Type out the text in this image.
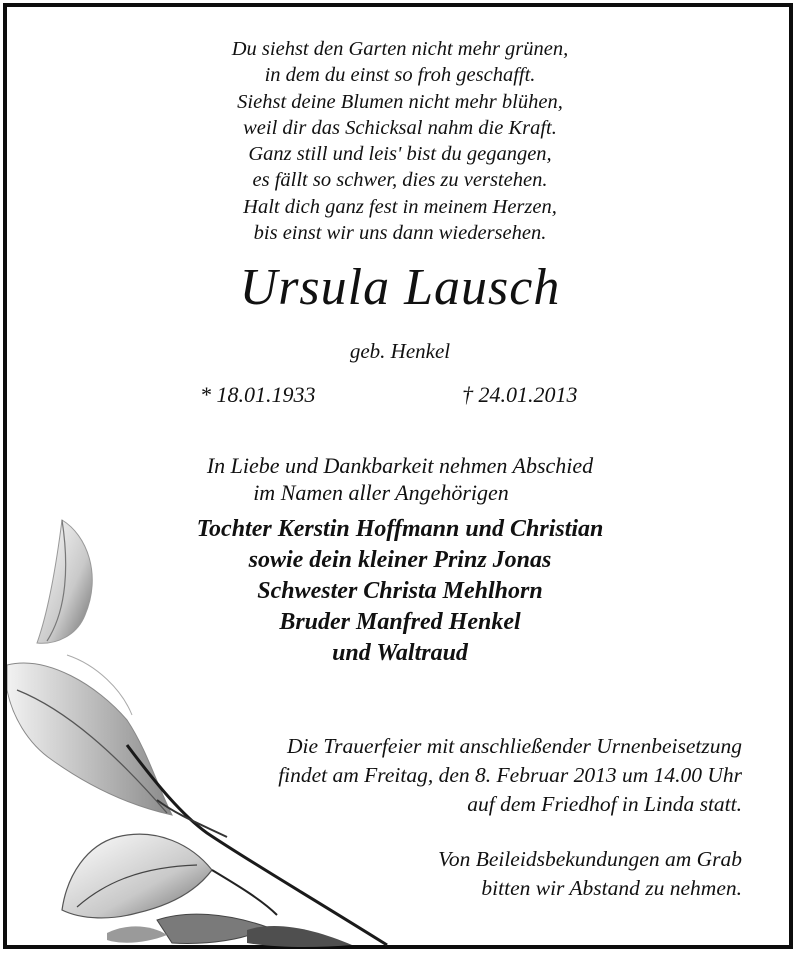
Du siehst den Garten nicht mehr grünen,
in dem du einst so froh geschafft.
Siehst deine Blumen nicht mehr blühen,
weil dir das Schicksal nahm die Kraft.
Ganz still und leis' bist du gegangen,
es fällt so schwer, dies zu verstehen.
Halt dich ganz fest in meinem Herzen,
bis einst wir uns dann wiedersehen.
Ursula Lausch
geb. Henkel
* 18.01.1933	† 24.01.2013
In Liebe und Dankbarkeit nehmen Abschied
im Namen aller Angehörigen
Tochter Kerstin Hoffmann und Christian
sowie dein kleiner Prinz Jonas
Schwester Christa Mehlhorn
Bruder Manfred Henkel
und Waltraud
Die Trauerfeier mit anschließender Urnenbeisetzung
findet am Freitag, den 8. Februar 2013 um 14.00 Uhr
auf dem Friedhof in Linda statt.
Von Beileidsbekundungen am Grab
bitten wir Abstand zu nehmen.
